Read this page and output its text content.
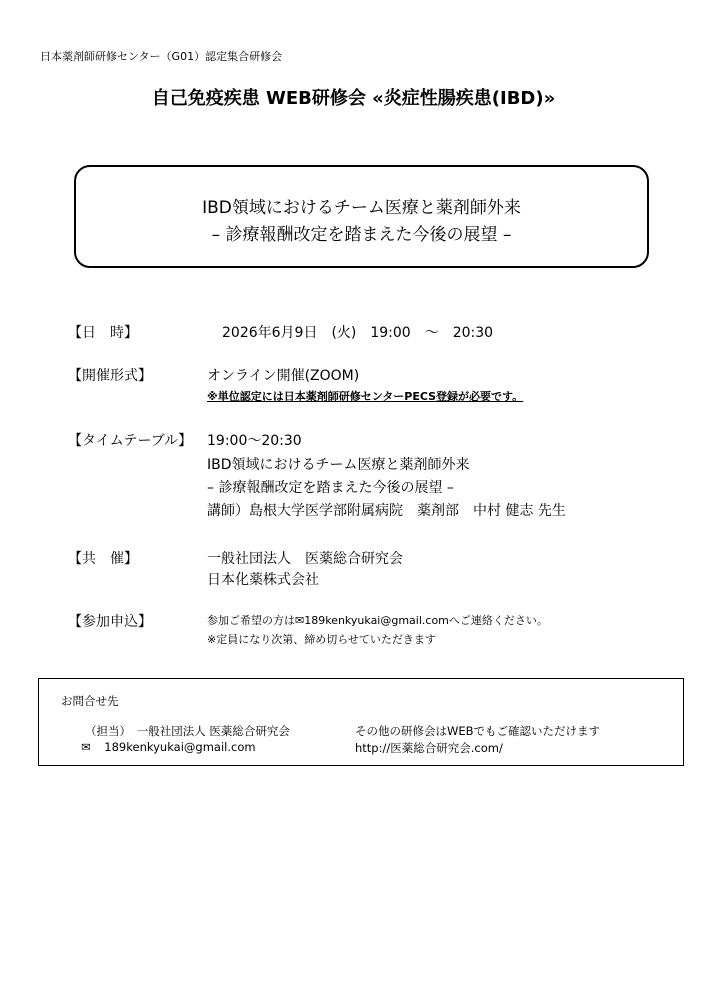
日本薬剤師研修センター（G01）認定集合研修会
自己免疫疾患 WEB研修会 «炎症性腸疾患(IBD)»
IBD領域におけるチーム医療と薬剤師外来
– 診療報酬改定を踏まえた今後の展望 –
【日　時】	2026年6月9日　(火)　19:00　～　20:30
【開催形式】	オンライン開催(ZOOM)
※単位認定には日本薬剤師研修センターPECS登録が必要です。
【タイムテーブル】 19:00～20:30
IBD領域におけるチーム医療と薬剤師外来
– 診療報酬改定を踏まえた今後の展望 –
講師）島根大学医学部附属病院　薬剤部　中村 健志 先生
【共　催】	一般社団法人　医薬総合研究会
日本化薬株式会社
【参加申込】	参加ご希望の方は✉189kenkyukai@gmail.comへご連絡ください。
※定員になり次第、締め切らせていただきます
お問合せ先
（担当）　一般社団法人 医薬総合研究会
✉ 189kenkyukai@gmail.com
その他の研修会はWEBでもご確認いただけます
http://医薬総合研究会.com/
